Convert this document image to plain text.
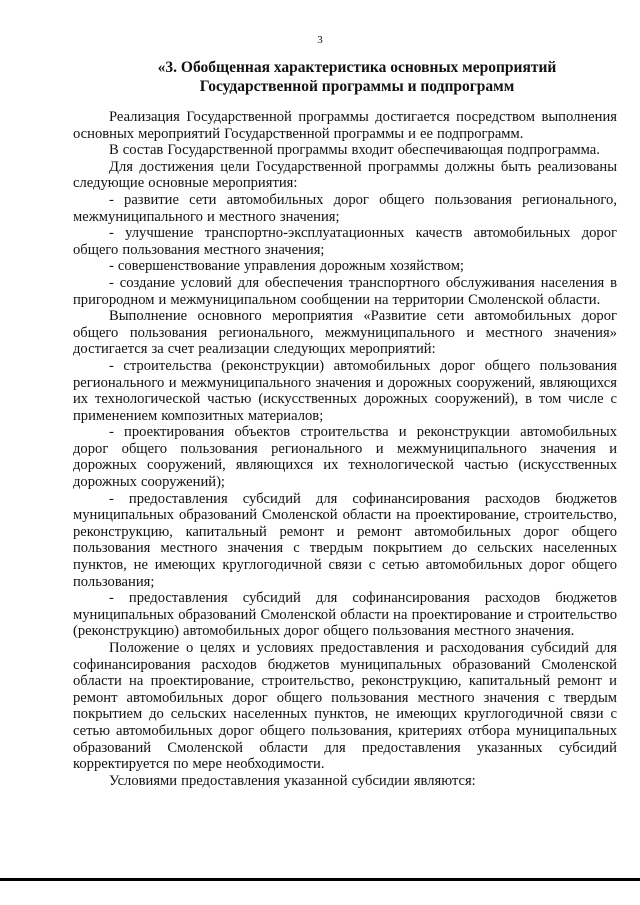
3
«3. Обобщенная характеристика основных мероприятий
Государственной программы и подпрограмм

Реализация Государственной программы достигается посредством выполнения основных мероприятий Государственной программы и ее подпрограмм.

В состав Государственной программы входит обеспечивающая подпрограмма.

Для достижения цели Государственной программы должны быть реализованы следующие основные мероприятия:

- развитие сети автомобильных дорог общего пользования регионального, межмуниципального и местного значения;

- улучшение транспортно-эксплуатационных качеств автомобильных дорог общего пользования местного значения;

- совершенствование управления дорожным хозяйством;

- создание условий для обеспечения транспортного обслуживания населения в пригородном и межмуниципальном сообщении на территории Смоленской области.

Выполнение основного мероприятия «Развитие сети автомобильных дорог общего пользования регионального, межмуниципального и местного значения» достигается за счет реализации следующих мероприятий:

- строительства (реконструкции) автомобильных дорог общего пользования регионального и межмуниципального значения и дорожных сооружений, являющихся их технологической частью (искусственных дорожных сооружений), в том числе с применением композитных материалов;

- проектирования объектов строительства и реконструкции автомобильных дорог общего пользования регионального и межмуниципального значения и дорожных сооружений, являющихся их технологической частью (искусственных дорожных сооружений);

- предоставления субсидий для софинансирования расходов бюджетов муниципальных образований Смоленской области на проектирование, строительство, реконструкцию, капитальный ремонт и ремонт автомобильных дорог общего пользования местного значения с твердым покрытием до сельских населенных пунктов, не имеющих круглогодичной связи с сетью автомобильных дорог общего пользования;

- предоставления субсидий для софинансирования расходов бюджетов муниципальных образований Смоленской области на проектирование и строительство (реконструкцию) автомобильных дорог общего пользования местного значения.

Положение о целях и условиях предоставления и расходования субсидий для софинансирования расходов бюджетов муниципальных образований Смоленской области на проектирование, строительство, реконструкцию, капитальный ремонт и ремонт автомобильных дорог общего пользования местного значения с твердым покрытием до сельских населенных пунктов, не имеющих круглогодичной связи с сетью автомобильных дорог общего пользования, критериях отбора муниципальных образований Смоленской области для предоставления указанных субсидий корректируется по мере необходимости.

Условиями предоставления указанной субсидии являются:
